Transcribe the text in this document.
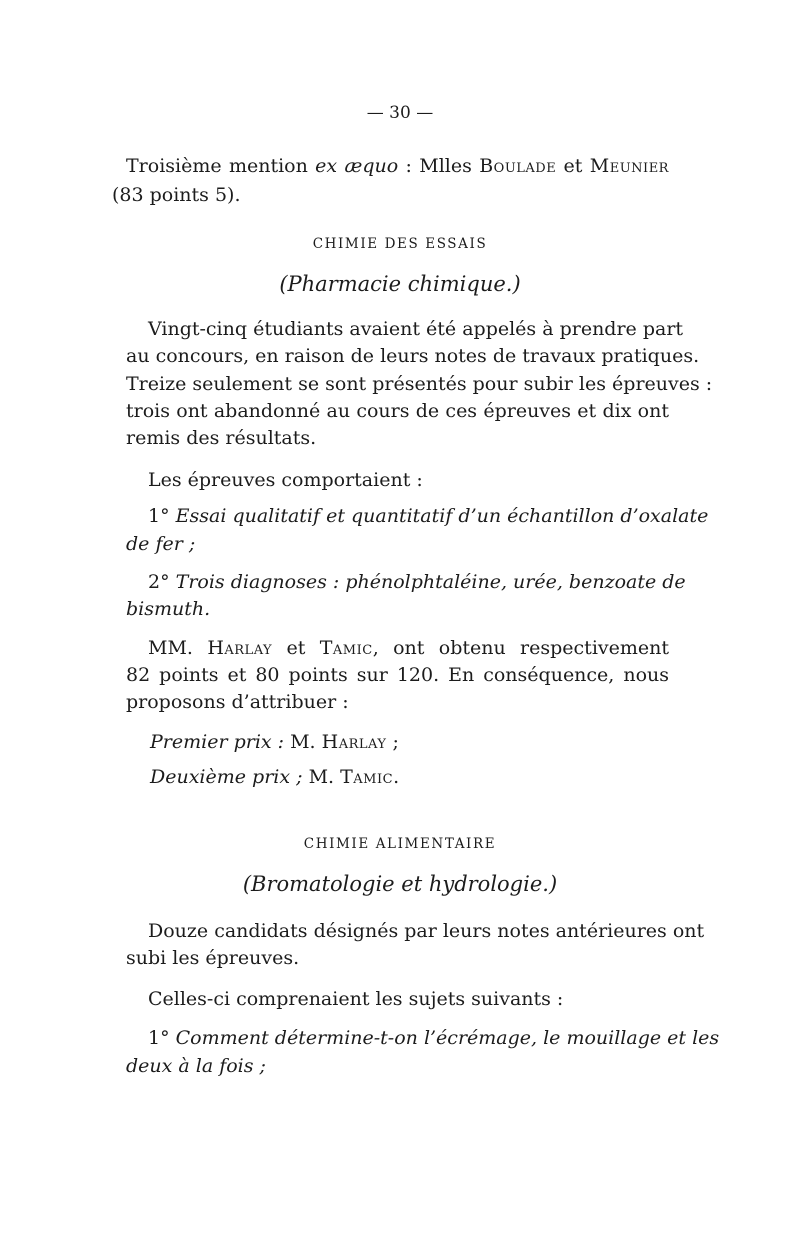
— 30 —

Troisième mention ex æquo : Mlles Boulade et Meunier

(83 points 5).

CHIMIE DES ESSAIS
(Pharmacie chimique.)

Vingt-cinq étudiants avaient été appelés à prendre part

au concours, en raison de leurs notes de travaux pratiques.

Treize seulement se sont présentés pour subir les épreuves :

trois ont abandonné au cours de ces épreuves et dix ont

remis des résultats.

Les épreuves comportaient :

1° Essai qualitatif et quantitatif d’un échantillon d’oxalate

de fer ;

2° Trois diagnoses : phénolphtaléine, urée, benzoate de

bismuth.

MM. Harlay et Tamic, ont obtenu respectivement

82 points et 80 points sur 120. En conséquence, nous

proposons d’attribuer :

Premier prix : M. Harlay ;

Deuxième prix ; M. Tamic.

CHIMIE ALIMENTAIRE
(Bromatologie et hydrologie.)

Douze candidats désignés par leurs notes antérieures ont

subi les épreuves.

Celles-ci comprenaient les sujets suivants :

1° Comment détermine-t-on l’écrémage, le mouillage et les

deux à la fois ;
